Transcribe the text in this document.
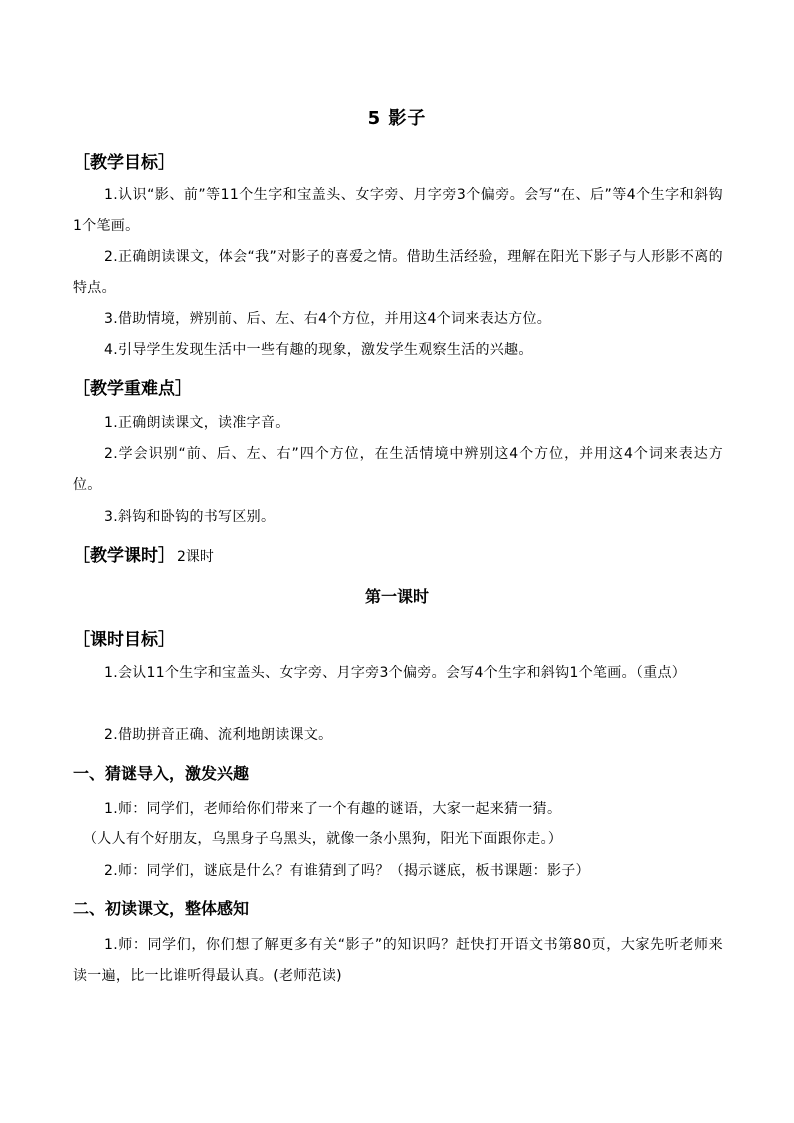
5 影子
［教学目标］
1.认识“影、前”等11个生字和宝盖头、女字旁、月字旁3个偏旁。会写“在、后”等4个生字和斜钩1个笔画。
2.正确朗读课文，体会“我”对影子的喜爱之情。借助生活经验，理解在阳光下影子与人形影不离的特点。
3.借助情境，辨别前、后、左、右4个方位，并用这4个词来表达方位。
4.引导学生发现生活中一些有趣的现象，激发学生观察生活的兴趣。
［教学重难点］
1.正确朗读课文，读准字音。
2.学会识别“前、后、左、右”四个方位，在生活情境中辨别这4个方位，并用这4个词来表达方位。
3.斜钩和卧钩的书写区别。
［教学课时］ 2课时
第一课时
［课时目标］
1.会认11个生字和宝盖头、女字旁、月字旁3个偏旁。会写4个生字和斜钩1个笔画。（重点）
2.借助拼音正确、流利地朗读课文。
一、猜谜导入，激发兴趣
1.师：同学们，老师给你们带来了一个有趣的谜语，大家一起来猜一猜。
（人人有个好朋友，乌黑身子乌黑头，就像一条小黑狗，阳光下面跟你走。）
2.师：同学们，谜底是什么？有谁猜到了吗？（揭示谜底，板书课题：影子）
二、初读课文，整体感知
1.师：同学们，你们想了解更多有关“影子”的知识吗？赶快打开语文书第80页，大家先听老师来读一遍，比一比谁听得最认真。(老师范读)
